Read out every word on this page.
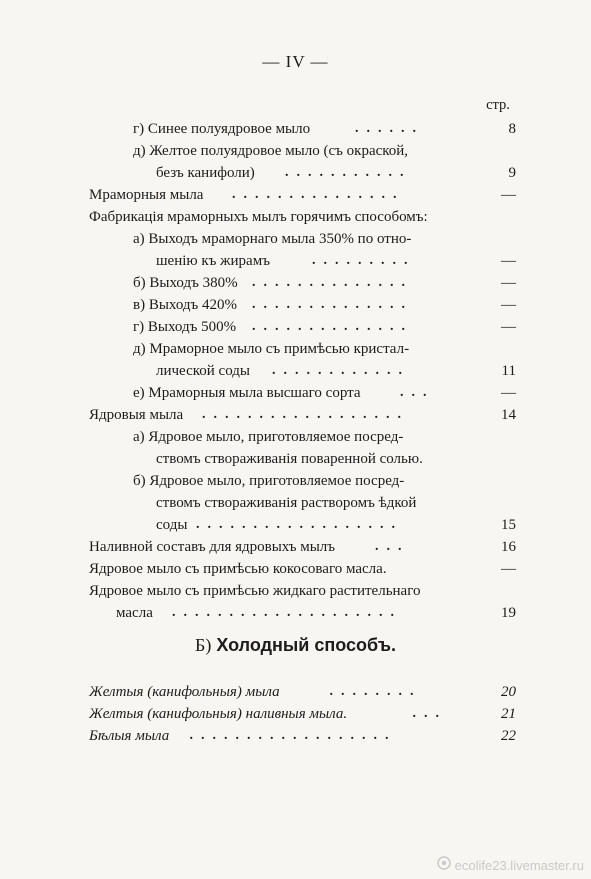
— IV —
стр.
г) Синее полуядровое мыло	......	8
д) Желтое полуядровое мыло (съ окраской,
безъ канифоли) ...........	9
Мраморныя мыла ...............	—
Фабрикація мраморныхъ мылъ горячимъ способомъ:
а) Выходъ мраморнаго мыла 350% по отно-
шенію къ жирамъ	.........	—
б) Выходъ 380% ..............	—
в) Выходъ 420% ..............	—
г) Выходъ 500% ..............	—
д) Мраморное мыло съ примѣсью кристал-
лической соды ............	11
е) Мраморныя мыла высшаго сорта	...	—
Ядровыя мыла ..................	14
а) Ядровое мыло, приготовляемое посред-
ствомъ створаживанія поваренной солью.
б) Ядровое мыло, приготовляемое посред-
ствомъ створаживанія растворомъ ѣдкой
соды ..................	15
Наливной составъ для ядровыхъ мылъ	...	16
Ядровое мыло съ примѣсью кокосоваго масла.	—
Ядровое мыло съ примѣсью жидкаго растительнаго
масла ....................	19
Б) Холодный способъ.
Желтыя (канифольныя) мыла	........	20
Желтыя (канифольныя) наливныя мыла.	...	21
Бѣлыя мыла ..................	22
ecolife23.livemaster.ru
